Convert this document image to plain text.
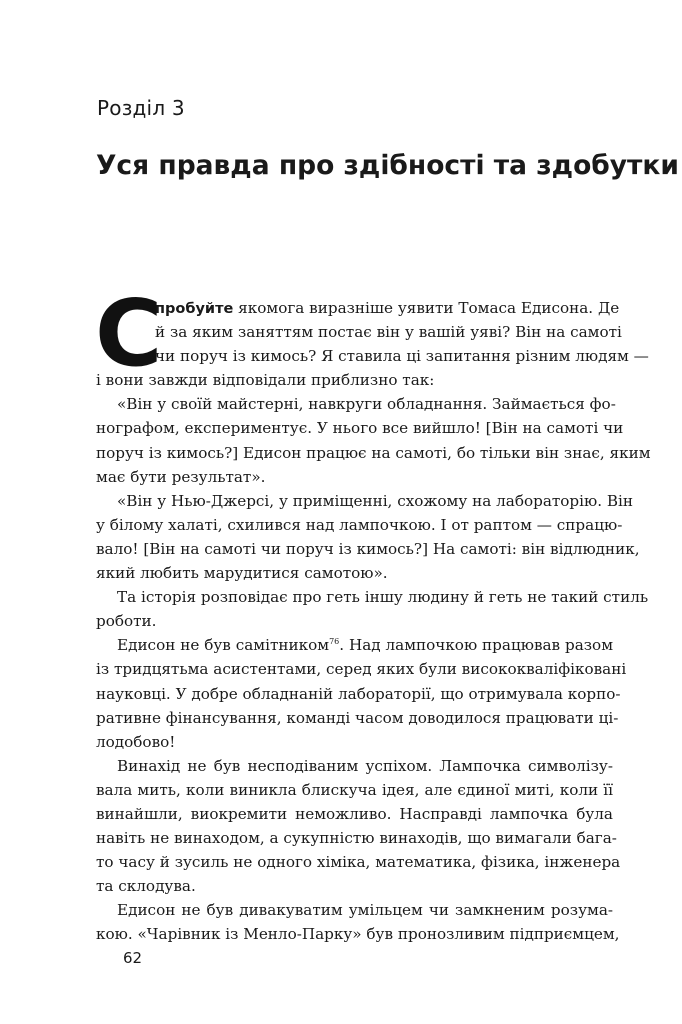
Розділ 3
Уся правда про здібності та здобутки
С
пробуйте якомога виразніше уявити Томаса Едисона. Де
й за яким заняттям постає він у вашій уяві? Він на самоті
чи поруч із кимось? Я ставила ці запитання різним людям —
і вони завжди відповідали приблизно так:
«Він у своїй майстерні, навкруги обладнання. Займається фо-
нографом, експериментує. У нього все вийшло! [Він на самоті чи
поруч із кимось?] Едисон працює на самоті, бо тільки він знає, яким
має бути результат».
«Він у Нью-Джерсі, у приміщенні, схожому на лабораторію. Він
у білому халаті, схилився над лампочкою. І от раптом — спрацю-
вало! [Він на самоті чи поруч із кимось?] На самоті: він відлюдник,
який любить марудитися самотою».
Та історія розповідає про геть іншу людину й геть не такий стиль
роботи.
Едисон не був самітником$^{76}$. Над лампочкою працював разом
із тридцятьма асистентами, серед яких були висококваліфіковані
науковці. У добре обладнаній лабораторії, що отримувала корпо-
ративне фінансування, команді часом доводилося працювати ці-
лодобово!
Винахід не був несподіваним успіхом. Лампочка символізу-
вала мить, коли виникла блискуча ідея, але єдиної миті, коли її
винайшли, виокремити неможливо. Насправді лампочка була
навіть не винаходом, а сукупністю винаходів, що вимагали бага-
то часу й зусиль не одного хіміка, математика, фізика, інженера
та склодува.
Едисон не був дивакуватим умільцем чи замкненим розума-
кою. «Чарівник із Менло-Парку» був пронозливим підприємцем,
62
